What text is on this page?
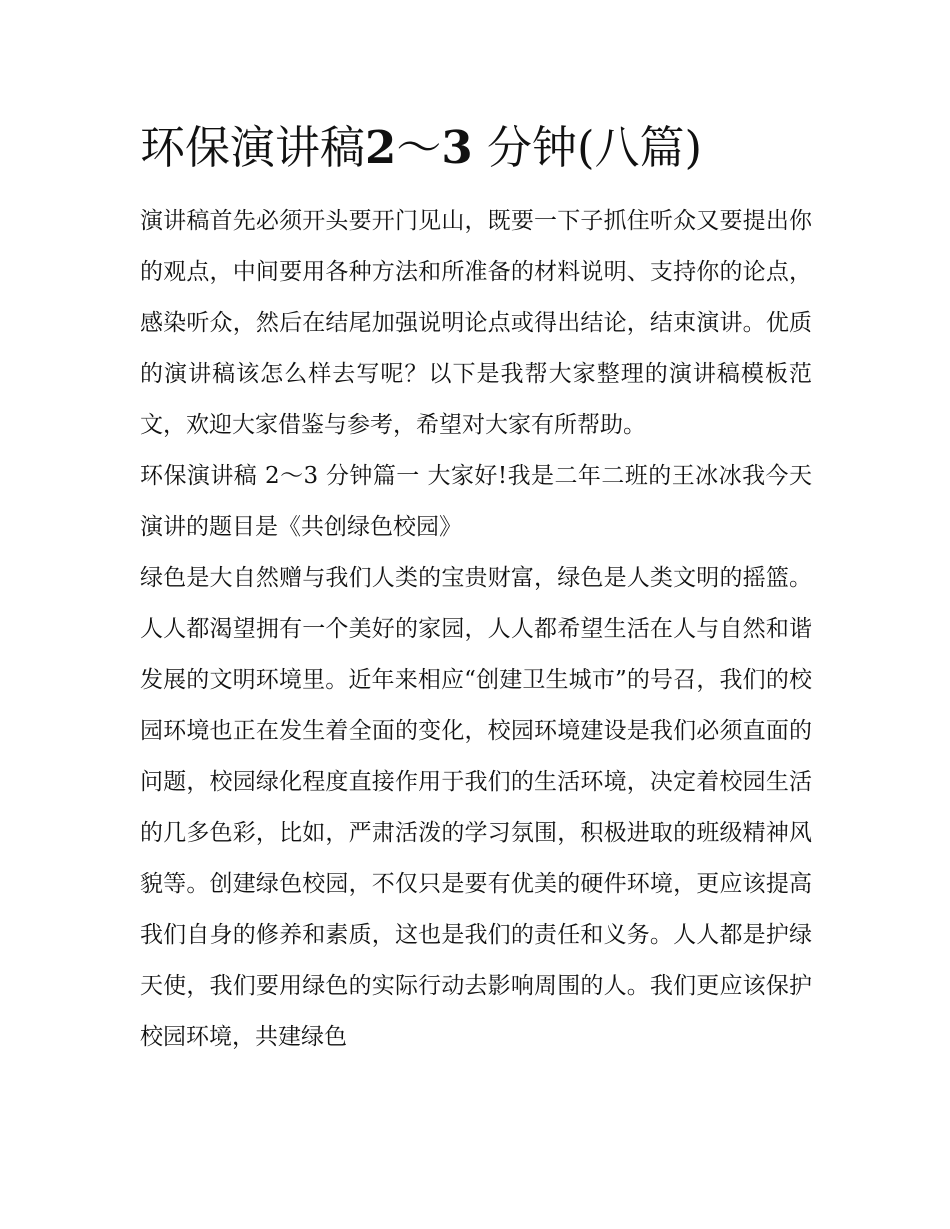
环保演讲稿2～3 分钟(八篇)

演讲稿首先必须开头要开门见山，既要一下子抓住听众又要提出你的观点，中间要用各种方法和所准备的材料说明、支持你的论点，感染听众，然后在结尾加强说明论点或得出结论，结束演讲。优质的演讲稿该怎么样去写呢？以下是我帮大家整理的演讲稿模板范文，欢迎大家借鉴与参考，希望对大家有所帮助。

环保演讲稿 2～3 分钟篇一 大家好!我是二年二班的王冰冰我今天演讲的题目是《共创绿色校园》

绿色是大自然赠与我们人类的宝贵财富，绿色是人类文明的摇篮。人人都渴望拥有一个美好的家园，人人都希望生活在人与自然和谐发展的文明环境里。近年来相应“创建卫生城市”的号召，我们的校园环境也正在发生着全面的变化，校园环境建设是我们必须直面的问题，校园绿化程度直接作用于我们的生活环境，决定着校园生活的几多色彩，比如，严肃活泼的学习氛围，积极进取的班级精神风貌等。创建绿色校园，不仅只是要有优美的硬件环境，更应该提高我们自身的修养和素质，这也是我们的责任和义务。人人都是护绿天使，我们要用绿色的实际行动去影响周围的人。我们更应该保护校园环境，共建绿色
